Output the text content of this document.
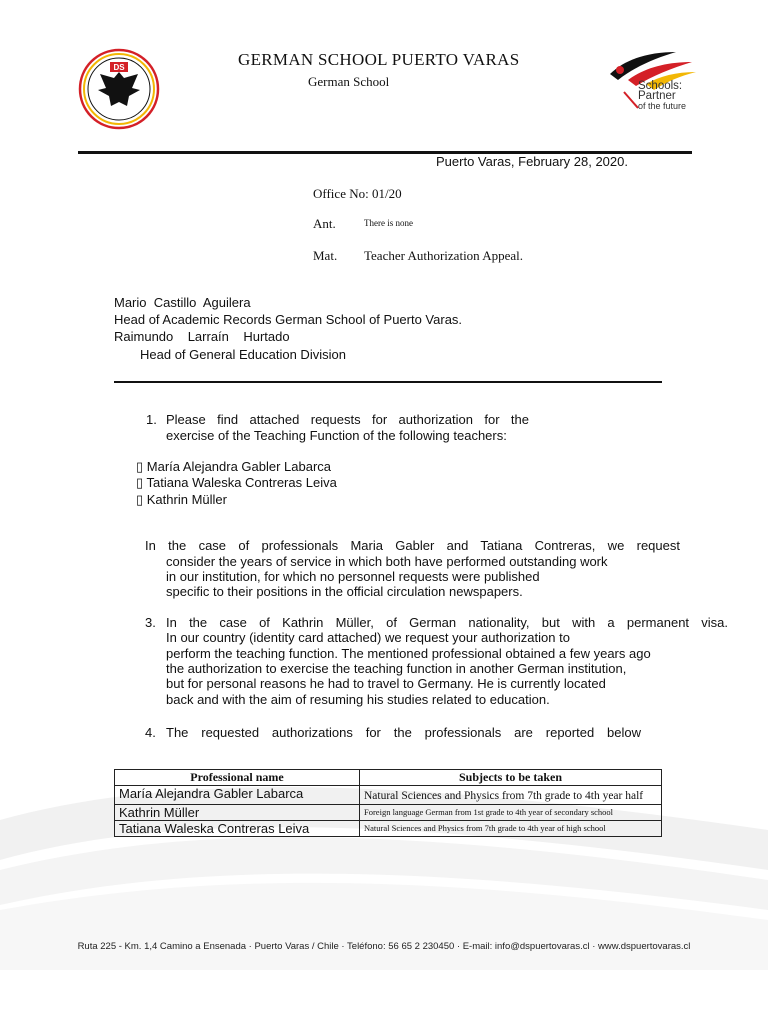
DS	GERMAN SCHOOL PUERTO VARAS
German School	Schools:
Partner
of the future
Puerto Varas, February 28, 2020.
Office No: 01/20
Ant.	There is none
Mat. Teacher Authorization Appeal.
Mario  Castillo  Aguilera
Head of Academic Records German School of Puerto Varas.
Raimundo    Larraín    Hurtado
Head of General Education Division
1. Please find attached requests for authorization for the
exercise of the Teaching Function of the following teachers:
▯ María Alejandra Gabler Labarca
▯ Tatiana Waleska Contreras Leiva
▯ Kathrin Müller
In the case of professionals Maria Gabler and Tatiana Contreras, we request
consider the years of service in which both have performed outstanding work
in our institution, for which no personnel requests were published
specific to their positions in the official circulation newspapers.
3. In the case of Kathrin Müller, of German nationality, but with a permanent visa.
In our country (identity card attached) we request your authorization to
perform the teaching function. The mentioned professional obtained a few years ago
the authorization to exercise the teaching function in another German institution,
but for personal reasons he had to travel to Germany. He is currently located
back and with the aim of resuming his studies related to education.
4. The requested authorizations for the professionals are reported below
Professional name	Subjects to be taken
María Alejandra Gabler Labarca	Natural Sciences and Physics from 7th grade to 4th year half
Kathrin Müller	Foreign language German from 1st grade to 4th year of secondary school
Tatiana Waleska Contreras Leiva	Natural Sciences and Physics from 7th grade to 4th year of high school
Ruta 225 - Km. 1,4 Camino a Ensenada · Puerto Varas / Chile · Teléfono: 56 65 2 230450 · E-mail: info@dspuertovaras.cl · www.dspuertovaras.cl
